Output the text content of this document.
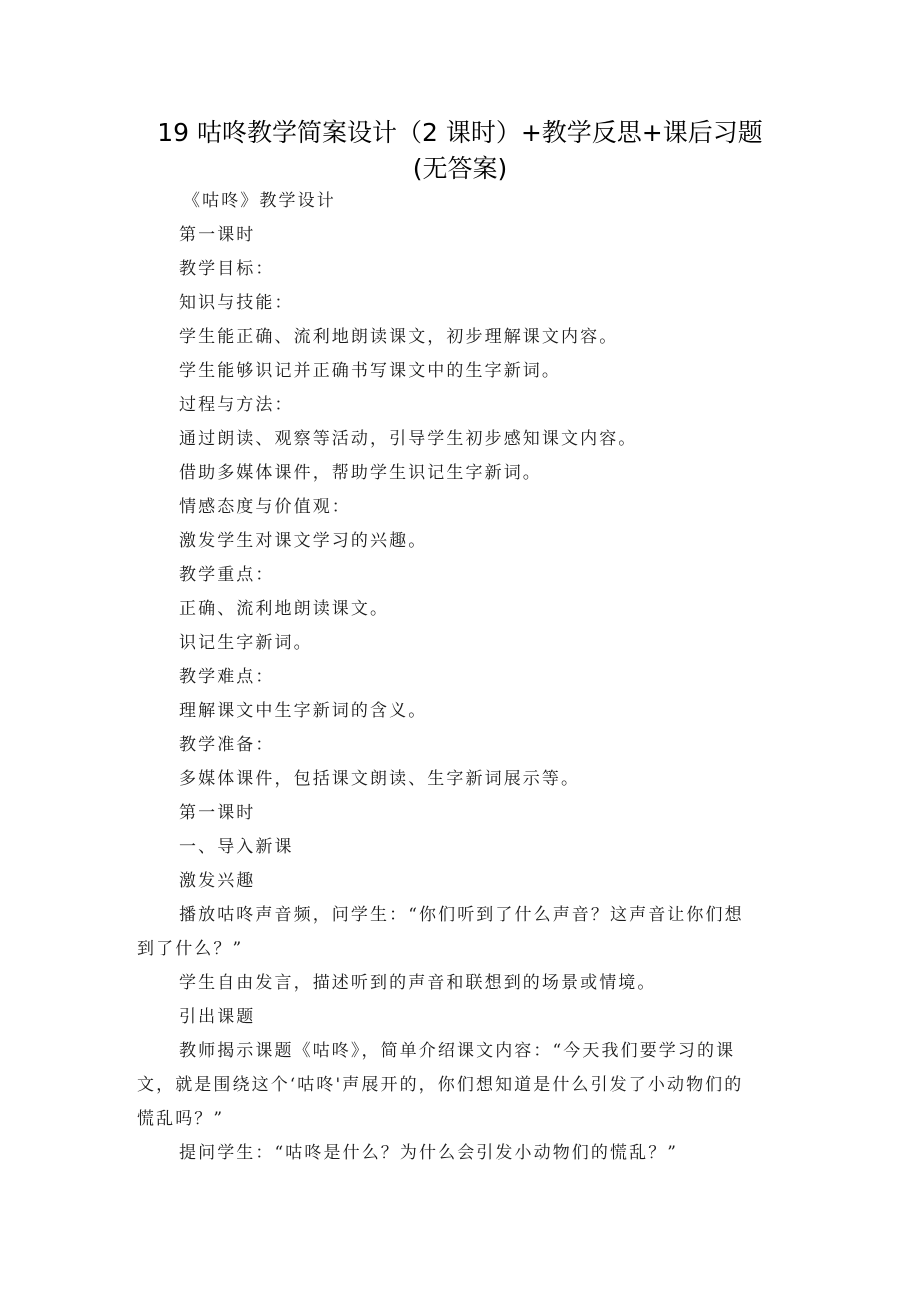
19 咕咚教学简案设计（2 课时）+教学反思+课后习题
(无答案)
《咕咚》教学设计
第一课时
教学目标：
知识与技能：
学生能正确、流利地朗读课文，初步理解课文内容。
学生能够识记并正确书写课文中的生字新词。
过程与方法：
通过朗读、观察等活动，引导学生初步感知课文内容。
借助多媒体课件，帮助学生识记生字新词。
情感态度与价值观：
激发学生对课文学习的兴趣。
教学重点：
正确、流利地朗读课文。
识记生字新词。
教学难点：
理解课文中生字新词的含义。
教学准备：
多媒体课件，包括课文朗读、生字新词展示等。
第一课时
一、导入新课
激发兴趣
播放咕咚声音频，问学生：“你们听到了什么声音？这声音让你们想
到了什么？”
学生自由发言，描述听到的声音和联想到的场景或情境。
引出课题
教师揭示课题《咕咚》，简单介绍课文内容：“今天我们要学习的课
文，就是围绕这个‘咕咚'声展开的，你们想知道是什么引发了小动物们的
慌乱吗？”
提问学生：“咕咚是什么？为什么会引发小动物们的慌乱？”
